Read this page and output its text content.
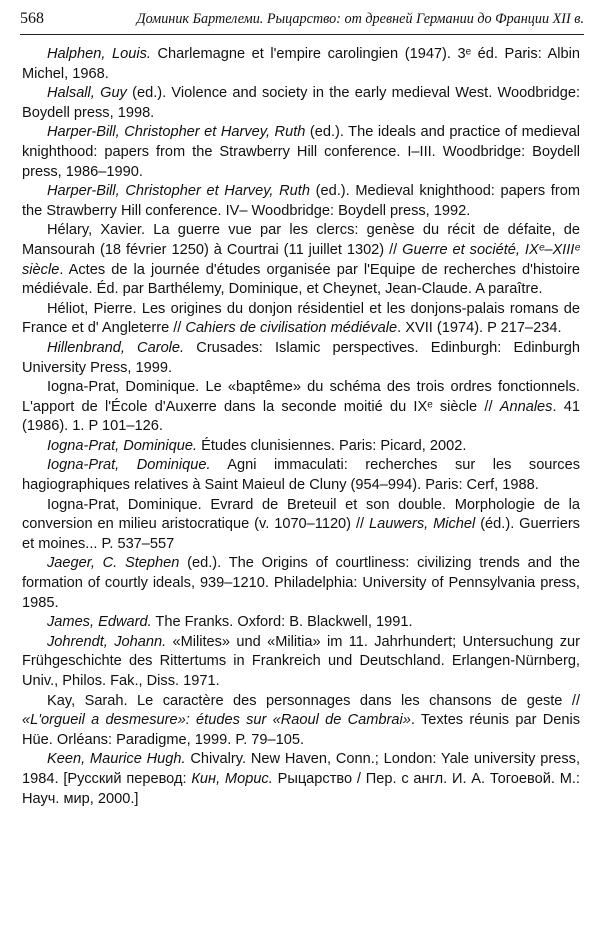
568	Доминик Бартелеми. Рыцарство: от древней Германии до Франции XII в.

Halphen, Louis. Charlemagne et l'empire carolingien (1947). 3ᵉ éd. Paris: Albin Michel, 1968.

Halsall, Guy (ed.). Violence and society in the early medieval West. Woodbridge: Boydell press, 1998.

Harper-Bill, Christopher et Harvey, Ruth (ed.). The ideals and practice of medieval knighthood: papers from the Strawberry Hill conference. I–III. Woodbridge: Boydell press, 1986–1990.

Harper-Bill, Christopher et Harvey, Ruth (ed.). Medieval knighthood: papers from the Strawberry Hill conference. IV– Woodbridge: Boydell press, 1992.

Hélary, Xavier. La guerre vue par les clercs: genèse du récit de défaite, de Mansourah (18 février 1250) à Courtrai (11 juillet 1302) // Guerre et société, IXᵉ–XIIIᵉ siècle. Actes de la journée d'études organisée par l'Equipe de recherches d'histoire médiévale. Éd. par Barthélemy, Dominique, et Cheynet, Jean-Claude. A paraître.

Héliot, Pierre. Les origines du donjon résidentiel et les donjons-palais romans de France et d' Angleterre // Cahiers de civilisation médiévale. XVII (1974). P 217–234.

Hillenbrand, Carole. Crusades: Islamic perspectives. Edinburgh: Edinburgh University Press, 1999.

Iogna-Prat, Dominique. Le «baptême» du schéma des trois ordres fonctionnels. L'apport de l'École d'Auxerre dans la seconde moitié du IXᵉ siècle // Annales. 41 (1986). 1. P 101–126.

Iogna-Prat, Dominique. Études clunisiennes. Paris: Picard, 2002.

Iogna-Prat, Dominique. Agni immaculati: recherches sur les sources hagiographiques relatives à Saint Maieul de Cluny (954–994). Paris: Cerf, 1988.

Iogna-Prat, Dominique. Evrard de Breteuil et son double. Morphologie de la conversion en milieu aristocratique (v. 1070–1120) // Lauwers, Michel (éd.). Guerriers et moines... P. 537–557

Jaeger, C. Stephen (ed.). The Origins of courtliness: civilizing trends and the formation of courtly ideals, 939–1210. Philadelphia: University of Pennsylvania press, 1985.

James, Edward. The Franks. Oxford: B. Blackwell, 1991.

Johrendt, Johann. «Milites» und «Militia» im 11. Jahrhundert; Untersuchung zur Frühgeschichte des Rittertums in Frankreich und Deutschland. Erlangen-Nürnberg, Univ., Philos. Fak., Diss. 1971.

Kay, Sarah. Le caractère des personnages dans les chansons de geste // «L'orgueil a desmesure»: études sur «Raoul de Cambrai». Textes réunis par Denis Hüe. Orléans: Paradigme, 1999. P. 79–105.

Keen, Maurice Hugh. Chivalry. New Haven, Conn.; London: Yale university press, 1984. [Русский перевод: Кин, Морис. Рыцарство / Пер. с англ. И. А. Тогоевой. М.: Науч. мир, 2000.]
